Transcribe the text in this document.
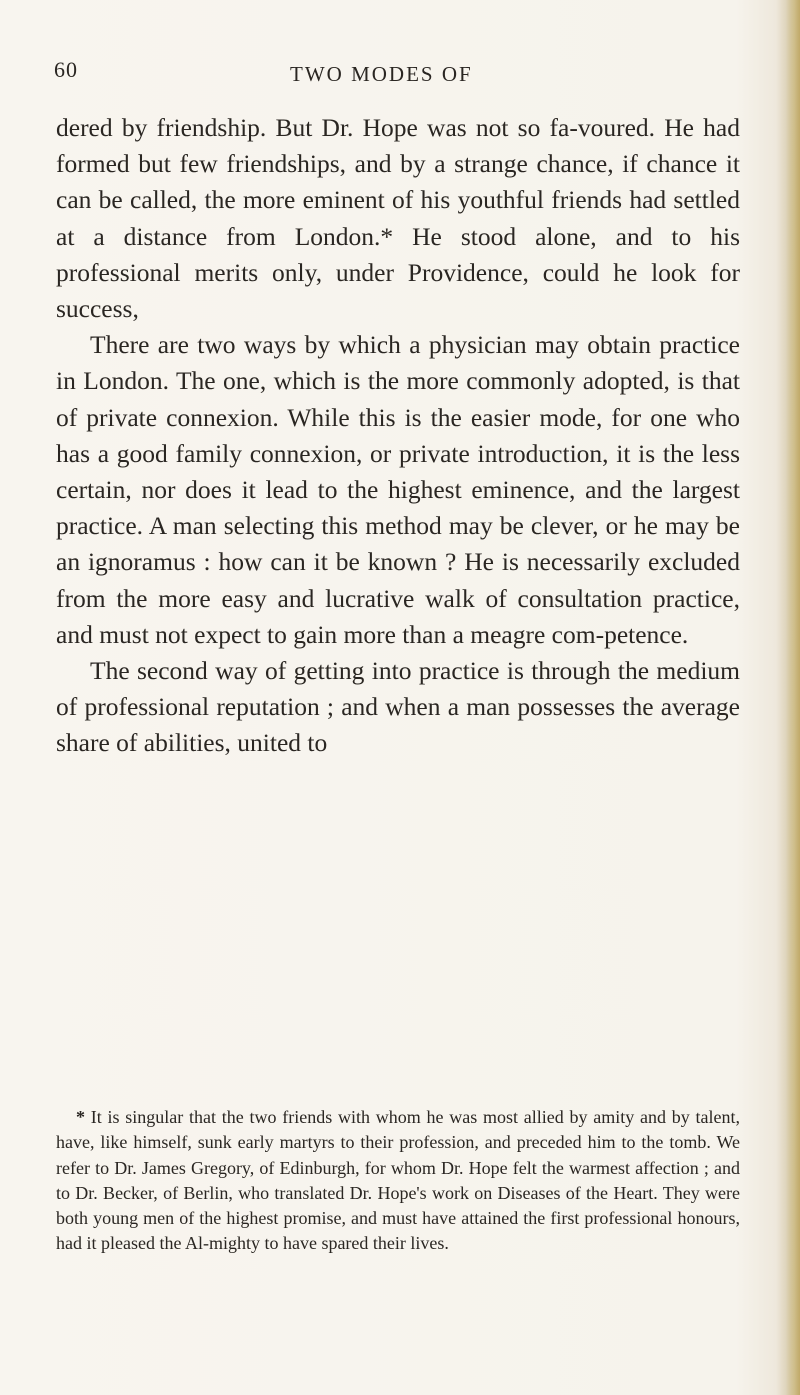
60	TWO MODES OF

dered by friendship. But Dr. Hope was not so fa-voured. He had formed but few friendships, and by a strange chance, if chance it can be called, the more eminent of his youthful friends had settled at a distance from London.* He stood alone, and to his professional merits only, under Providence, could he look for success,

There are two ways by which a physician may obtain practice in London. The one, which is the more commonly adopted, is that of private connexion. While this is the easier mode, for one who has a good family connexion, or private introduction, it is the less certain, nor does it lead to the highest eminence, and the largest practice. A man selecting this method may be clever, or he may be an ignoramus : how can it be known ? He is necessarily excluded from the more easy and lucrative walk of consultation practice, and must not expect to gain more than a meagre com-petence.

The second way of getting into practice is through the medium of professional reputation ; and when a man possesses the average share of abilities, united to

* It is singular that the two friends with whom he was most allied by amity and by talent, have, like himself, sunk early martyrs to their profession, and preceded him to the tomb. We refer to Dr. James Gregory, of Edinburgh, for whom Dr. Hope felt the warmest affection ; and to Dr. Becker, of Berlin, who translated Dr. Hope's work on Diseases of the Heart. They were both young men of the highest promise, and must have attained the first professional honours, had it pleased the Al-mighty to have spared their lives.
